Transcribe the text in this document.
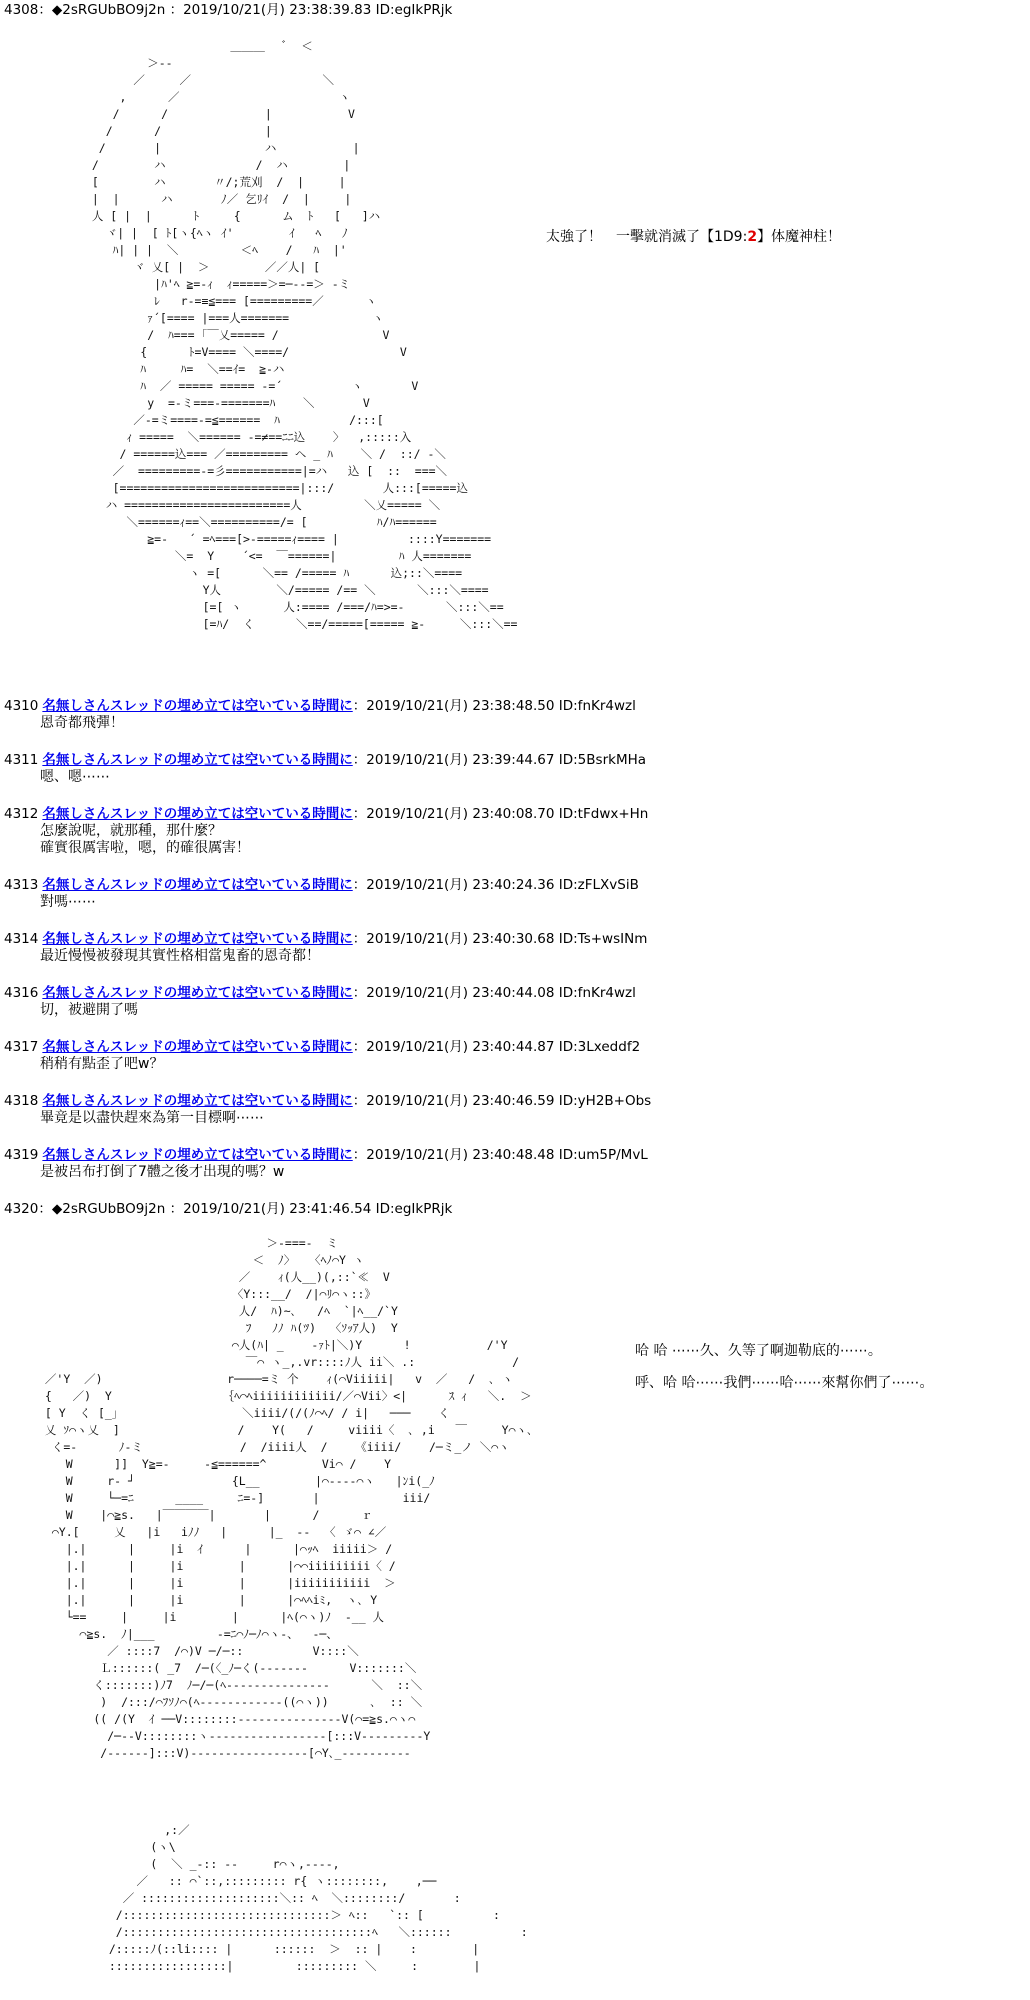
4308：◆2sRGUbBO9j2n ：2019/10/21(月) 23:38:39.83 ID:egIkPRjk
＿＿＿   ﾞ  ＜
＞-‐
／     ／                   ＼
,      ／                       ヽ
/      /              |           V
/      /               |
/       |               ハ           |
/        ハ             /  ハ        |
[        ハ       〃/;荒刈  /  |     |
|  |      ハ       ﾉ／ 乞ﾘｲ  /  |     |
人 [ |  |      ﾄ     {      ム  ﾄ   [   ]ハ
ヾ| |  [ ﾄ[ヽ{ﾍヽ ｲ'        ｲ   ﾍ   ﾉ
ﾊ| | |  ＼         ＜ﾍ    /   ﾊ  |'
ヾ 乂[ |  ＞        ／／人| [
|ﾊ'ﾍ ≧=-ｨ  ｨ=====＞=─‐‐=＞ -ミ
ﾚ   r-=≡≦=== [=========／      ヽ
ｧ´[==== |===人=======            ヽ
/  ﾊ=== ｢￣乂===== /               V
{      ﾄ=V==== ＼====/                V
ﾊ     ﾊ=  ＼==ｲ=  ≧-ハ
ﾊ  ／ ===== ===== -=´          ヽ       V
y  =-ミ===-=======ﾊ    ＼       V
／-=ミ====-=≦======  ﾊ          /:::[
ｨ =====  ＼====== -=≠==ﾆﾆ込    〉  ,:::::入
/ ======込=== ／========= ヘ _ ﾊ    ＼ /  ::/ -＼
／  =========-=彡===========|=ハ   込 [  ::  ===＼
[==========================|:::/       人:::[=====込
ハ ========================人         ＼乂===== ＼
＼======ｨ==＼==========/= [          ﾊ/ﾊ======
≧=-   ´ =ﾍ===[>-=====ｨ==== |          ::::Y=======
＼=  Y    ´<=  ￣======|         ﾊ 人=======
ヽ =[      ＼== /===== ﾊ      込;::＼====
Y人        ＼/===== /== ＼      ＼:::＼====
[=[ ヽ      人:==== /===/ﾊ=>=-      ＼:::＼==
[=ﾊ/  く      ＼==/=====[===== ≧-     ＼:::＼==
太強了！　一擊就消滅了【1D9:2】体魔神柱！
4310 名無しさんスレッドの埋め立ては空いている時間に：2019/10/21(月) 23:38:48.50 ID:fnKr4wzl
恩奇都飛彈！
4311 名無しさんスレッドの埋め立ては空いている時間に：2019/10/21(月) 23:39:44.67 ID:5BsrkMHa
嗯、嗯⋯⋯
4312 名無しさんスレッドの埋め立ては空いている時間に：2019/10/21(月) 23:40:08.70 ID:tFdwx+Hn
怎麼說呢，就那種，那什麼？
確實很厲害啦，嗯，的確很厲害！
4313 名無しさんスレッドの埋め立ては空いている時間に：2019/10/21(月) 23:40:24.36 ID:zFLXvSiB
對嗎⋯⋯
4314 名無しさんスレッドの埋め立ては空いている時間に：2019/10/21(月) 23:40:30.68 ID:Ts+wsINm
最近慢慢被發現其實性格相當鬼畜的恩奇都！
4316 名無しさんスレッドの埋め立ては空いている時間に：2019/10/21(月) 23:40:44.08 ID:fnKr4wzl
切，被避開了嗎
4317 名無しさんスレッドの埋め立ては空いている時間に：2019/10/21(月) 23:40:44.87 ID:3Lxeddf2
稍稍有點歪了吧w？
4318 名無しさんスレッドの埋め立ては空いている時間に：2019/10/21(月) 23:40:46.59 ID:yH2B+Obs
畢竟是以盡快趕來為第一目標啊⋯⋯
4319 名無しさんスレッドの埋め立ては空いている時間に：2019/10/21(月) 23:40:48.48 ID:um5P/MvL
是被呂布打倒了7體之後才出現的嗎？w
4320：◆2sRGUbBO9j2n ：2019/10/21(月) 23:41:46.54 ID:egIkPRjk
＞-===-  ミ
＜  ﾉ〉  〈ﾍﾉ⌒Y ヽ
／    ｨ(人__)(,::`≪  V
〈Y:::__/  /|⌒ﾘ⌒ヽ::》
人/  ﾊ)~､   /ﾍ  `|ﾍ__/`Y
ﾌ   ﾉﾉ ﾊ(ﾂ)  〈ｿｯｱ人)  Y
⌒人(ﾊ| _    -ｧﾄ|＼)Y      !           /'Y
￣⌒ ヽ_,.vr::::ﾉ人 ii＼ .:              /
／'Y  ／)                  r────=ミ 个    ｨ(⌒Viiiii|   v  ／   /  ､ ヽ
{   ／)  Y                ｛ﾍ⌒ﾍiiiiiiiiiiii/／⌒Vii〉<|      ｽ ｨ   ＼.  ＞
[ Y  く [_｣                  ＼iiii/(/(ﾉ⌒ﾍ/ / i|   ───    く
乂 ｿ⌒ヽ乂  ]                 /    Y(   /     viiii〈  ､ ,i   ￣     Y⌒ヽ､
く=-      ﾉ-ミ              /  /iiii人  /    《iiii/    /─ミ_ノ ＼⌒ヽ
W      ]]  Y≧=-     -≦======^        Vi⌒ /    Y
W     r‐ ┘              {L__        |⌒‐‐‐‐⌒ヽ   |ﾝi(_ﾉ
W     └─=ﾆ      ____     ﾆ=-]       |            iii/
W    |⌒≧s.   |￣￣￣￣|       |      /      ｒ
⌒Y.[     乂   |i   iﾉﾉ   |      |_  ‐‐  〈 ゞ⌒ ∠／
|.|      |     |i  ｲ      |      |⌒ｯﾍ  iiiii＞ /
|.|      |     |i        |      |⌒⌒iiiiiiiii〈 /
|.|      |     |i        |      |iiiiiiiiiii  ＞
|.|      |     |i        |      |⌒ﾍﾍiﾐ,  ヽ､ Y
└==     |     |i        |      |ﾍ(⌒ヽ)ﾉ  -__ 人
⌒≧s.  ﾉ|___         -=ﾆ⌒ﾉ─ﾉ⌒ヽ-、  -─、
／ ::::7  /⌒)V ─/─::          V::::＼
Ｌ::::::( _7  /─(〈_ﾉ─く(‐‐‐‐‐‐‐      V:::::::＼
く:::::::)ﾉ7  ﾉ─/─(ﾍ‐‐‐‐‐‐‐‐‐‐‐‐‐‐‐      ＼  ::＼
)  /:::/⌒ﾌｿﾉ⌒(ﾍ‐‐‐‐‐‐‐‐‐‐‐‐((⌒ヽ))      ､  :: ＼
(( /(Y  ｲ ──V::::::::‐‐‐‐‐‐‐‐‐‐‐‐‐‐‐V(⌒=≧s.⌒ヽ⌒
/─‐‐V::::::::ヽ‐‐‐‐‐‐‐‐‐‐‐‐‐‐‐‐‐[:::V‐‐‐‐‐‐‐‐‐Y
/‐‐‐‐‐‐]:::V)‐‐‐‐‐‐‐‐‐‐‐‐‐‐‐‐‐[⌒Y､_‐‐‐‐‐‐‐‐‐‐
哈 哈 ⋯⋯久、久等了啊迦勒底的⋯⋯。
呼、哈 哈⋯⋯我們⋯⋯哈⋯⋯來幫你們了⋯⋯。
,:／
(ヽ\
(  ＼ _-:: ‐‐     r⌒ヽ,-‐‐-,
／   :: ⌒`::,::::::::: r{ ヽ::::::::,    ,──
／ ::::::::::::::::::::＼:: ﾍ  ＼::::::::/       :
/::::::::::::::::::::::::::::::＞ ﾍ::   `:: [          :
/::::::::::::::::::::::::::::::::::::ﾍ   ＼::::::          :
/:::::ﾉ(::li:::: |      ::::::  ＞  :: |    :        |
:::::::::::::::::|         ::::::::: ＼     :        |
